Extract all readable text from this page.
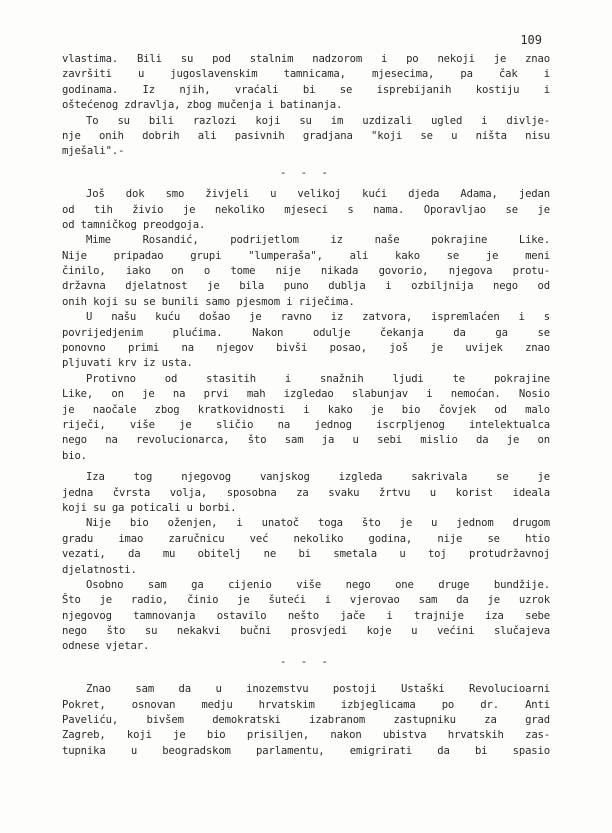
109
vlastima. Bili su pod stalnim nadzorom i po nekoji je znao
završiti u jugoslavenskim tamnicama, mjesecima, pa čak i
godinama. Iz njih, vraćali bi se isprebijanih kostiju i
oštećenog zdravlja, zbog mučenja i batinanja.
To su bili razlozi koji su im uzdizali ugled i divlje-
nje onih dobrih ali pasivnih gradjana "koji se u ništa nisu
mješali".-
- - -
Još dok smo živjeli u velikoj kući djeda Adama, jedan
od tih živio je nekoliko mjeseci s nama. Oporavljao se je
od tamničkog preodgoja.
Mime Rosandić, podrijetlom iz naše pokrajine Like.
Nije pripadao grupi "lumperaša", ali kako se je meni
činilo, iako on o tome nije nikada govorio, njegova protu-
državna djelatnost je bila puno dublja i ozbiljnija nego od
onih koji su se bunili samo pjesmom i riječima.
U našu kuću došao je ravno iz zatvora, ispremlaćen i s
povrijedjenim plućima. Nakon odulje čekanja da ga se
ponovno primi na njegov bivši posao, još je uvijek znao
pljuvati krv iz usta.
Protivno od stasitih i snažnih ljudi te pokrajine
Like, on je na prvi mah izgledao slabunjav i nemoćan. Nosio
je naočale zbog kratkovidnosti i kako je bio čovjek od malo
riječi, više je sličio na jednog iscrpljenog intelektualca
nego na revolucionarca, što sam ja u sebi mislio da je on
bio.
Iza tog njegovog vanjskog izgleda sakrivala se je
jedna čvrsta volja, sposobna za svaku žrtvu u korist ideala
koji su ga poticali u borbi.
Nije bio oženjen, i unatoč toga što je u jednom drugom
gradu imao zaručnicu već nekoliko godina, nije se htio
vezati, da mu obitelj ne bi smetala u toj protudržavnoj
djelatnosti.
Osobno sam ga cijenio više nego one druge bundžije.
Što je radio, činio je šuteći i vjerovao sam da je uzrok
njegovog tamnovanja ostavilo nešto jače i trajnije iza sebe
nego što su nekakvi bučni prosvjedi koje u većini slučajeva
odnese vjetar.
- - -
Znao sam da u inozemstvu postoji Ustaški Revolucioarni
Pokret, osnovan medju hrvatskim izbjeglicama po dr. Anti
Paveliću, bivšem demokratski izabranom zastupniku za grad
Zagreb, koji je bio prisiljen, nakon ubistva hrvatskih zas-
tupnika u beogradskom parlamentu, emigrirati da bi spasio
